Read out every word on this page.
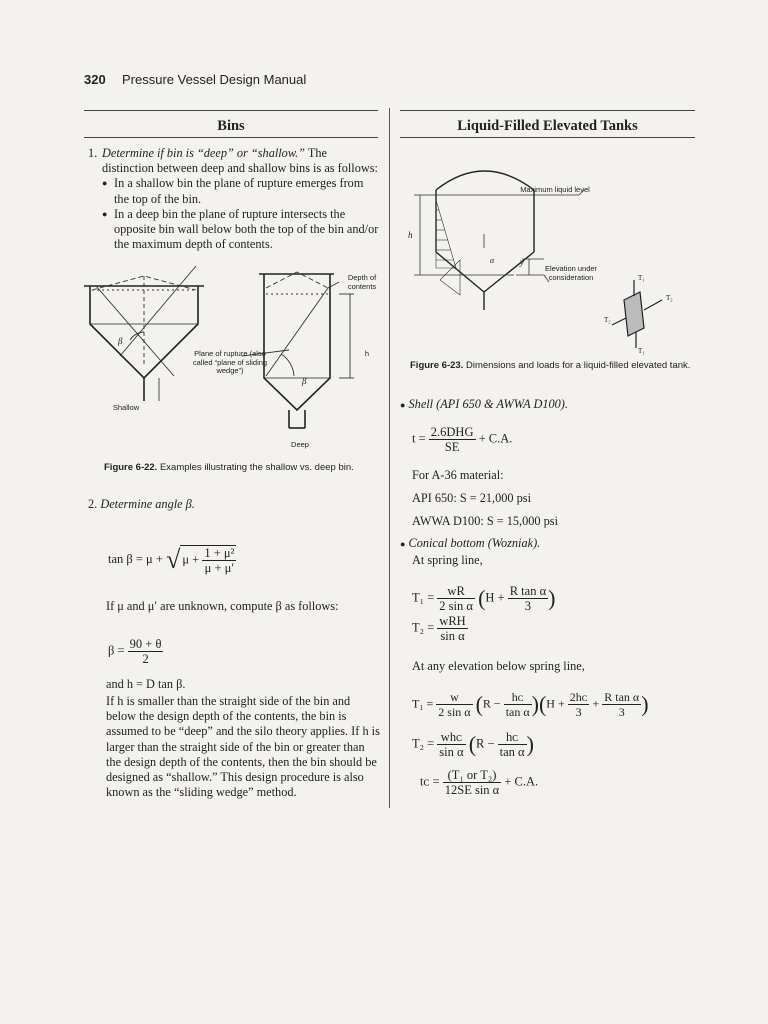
320 Pressure Vessel Design Manual
Bins
1. Determine if bin is “deep” or “shallow.” The distinction between deep and shallow bins is as follows:
● In a shallow bin the plane of rupture emerges from the top of the bin.
● In a deep bin the plane of rupture intersects the opposite bin wall below both the top of the bin and/or the maximum depth of contents.
β
β
Depth of contents
Plane of rupture (also called “plane of sliding wedge”)
Shallow
Deep
h
Figure 6-22. Examples illustrating the shallow vs. deep bin.
2. Determine angle β.
tan β = μ + √ $\mu + \frac{\text{1 + μ²}}{\mu + \mu'}$
If μ and μ′ are unknown, compute β as follows:
$\beta = \frac{90 + \theta}{2}$
and h = D tan β.
If h is smaller than the straight side of the bin and below the design depth of the contents, the bin is assumed to be “deep” and the silo theory applies. If h is larger than the straight side of the bin or greater than the design depth of the contents, then the bin should be designed as “shallow.” This design procedure is also known as the “sliding wedge” method.
Liquid-Filled Elevated Tanks
h
y
α
T₁
T₂
T₂
T₁
Maximum liquid level
Elevation under consideration
Figure 6-23. Dimensions and loads for a liquid-filled elevated tank.
● Shell (API 650 & AWWA D100).
$t = \frac{\text{2.6DHG}}{SE} + C.A$.
For A-36 material:
API 650: S = 21,000 psi
AWWA D100: S = 15,000 psi
● Conical bottom (Wozniak).
At spring line,
$T_1 = \frac{wR}{\text{2 sin α}} (H + \frac{\text{R tan α}}{3}$ )
$T_2 = \frac{\text{wRH}}{\text{sin α}}$
At any elevation below spring line,
$T_1 = \frac{w}{\text{2 sin α}} (R - \frac{\text{hᴄ}}{\text{tan α}} )(H + \frac{\text{2hᴄ}}{3} + \frac{\text{R tan α}}{3}$ )
$T_2 = \frac{\text{whᴄ}}{\text{sin α}} (R - \frac{\text{hᴄ}}{\text{tan α}}$ )
tᴄ = $\frac{\text{(T₁ or T₂)}}{\text{12SE sin α}} + C.A$.
